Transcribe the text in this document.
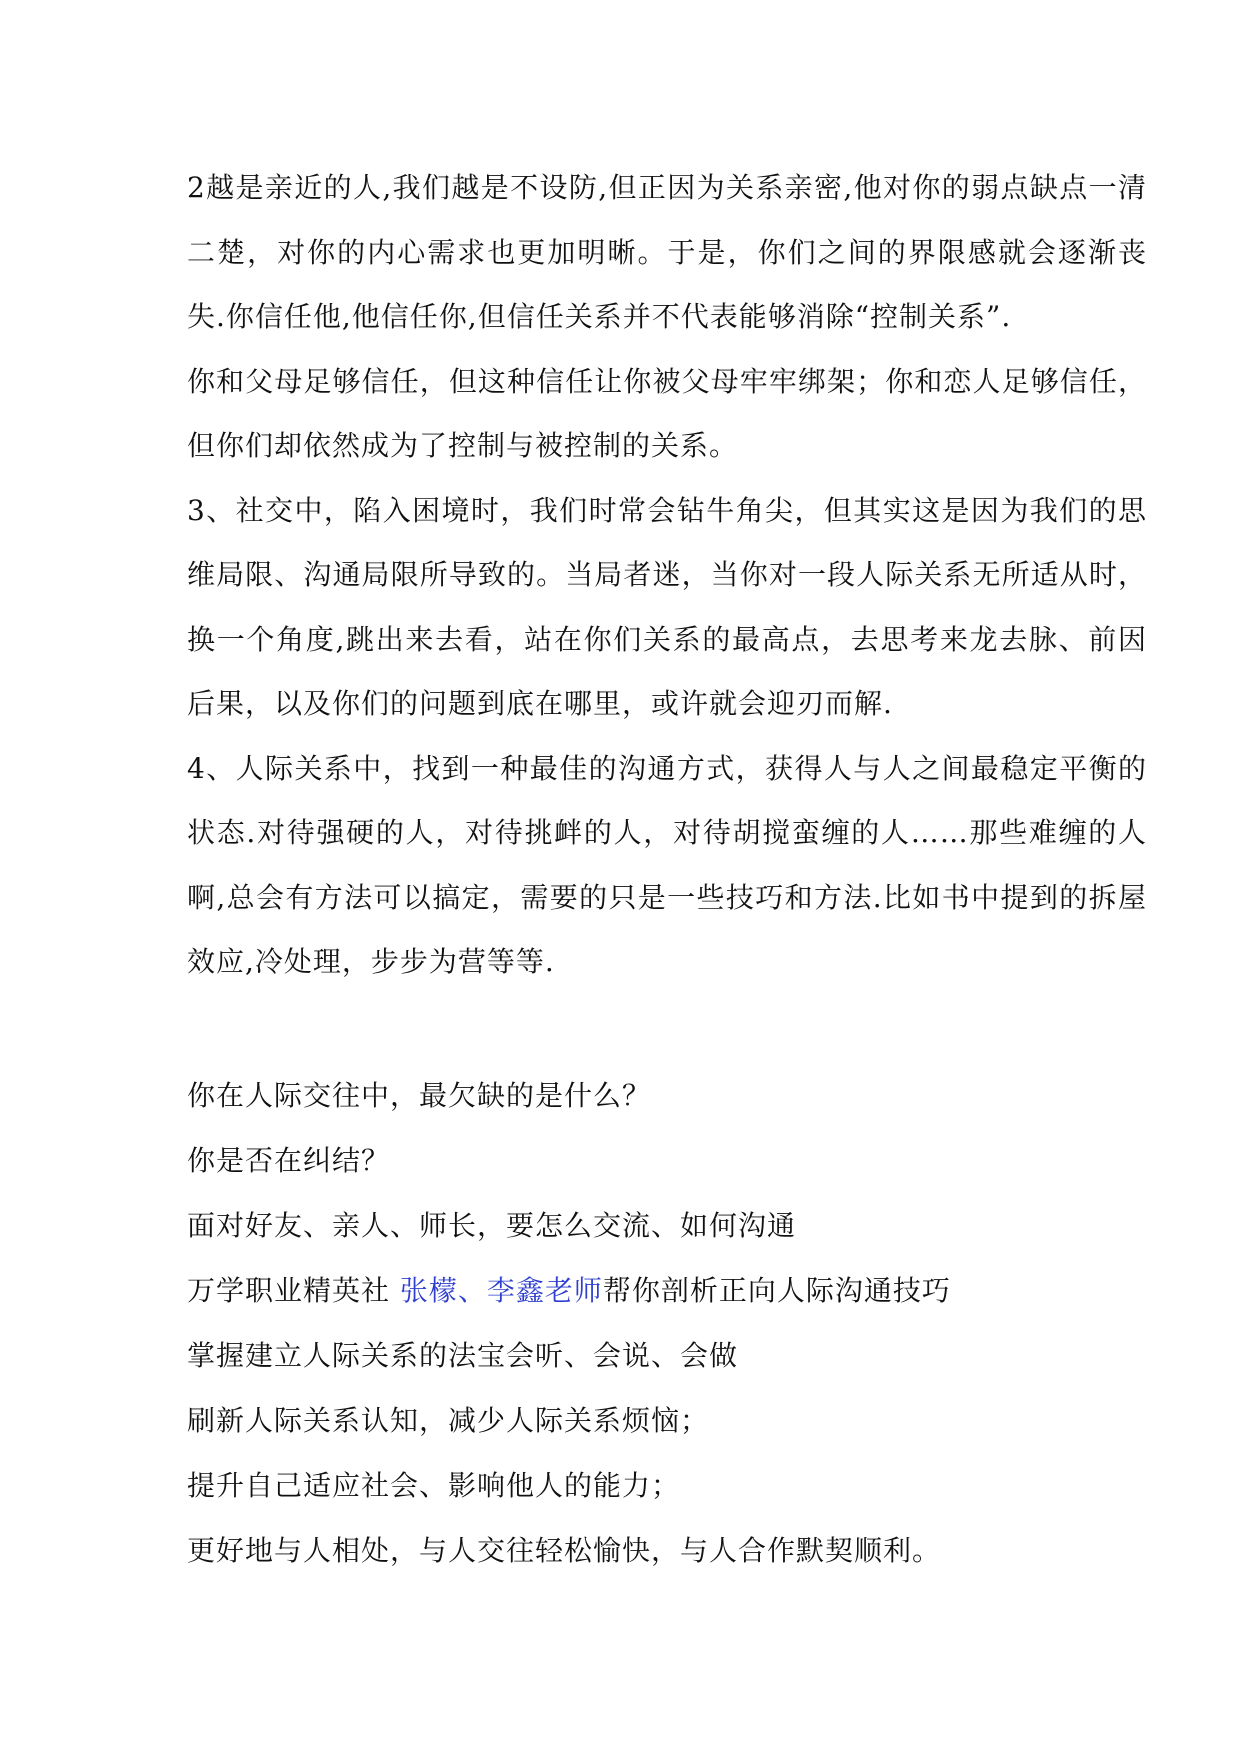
2越是亲近的人,我们越是不设防,但正因为关系亲密,他对你的弱点缺点一清二楚，对你的内心需求也更加明晰。于是，你们之间的界限感就会逐渐丧失.你信任他,他信任你,但信任关系并不代表能够消除“控制关系”.

你和父母足够信任，但这种信任让你被父母牢牢绑架；你和恋人足够信任，但你们却依然成为了控制与被控制的关系。

3、社交中，陷入困境时，我们时常会钻牛角尖，但其实这是因为我们的思维局限、沟通局限所导致的。当局者迷，当你对一段人际关系无所适从时，换一个角度,跳出来去看，站在你们关系的最高点，去思考来龙去脉、前因后果，以及你们的问题到底在哪里，或许就会迎刃而解.

4、人际关系中，找到一种最佳的沟通方式，获得人与人之间最稳定平衡的状态.对待强硬的人，对待挑衅的人，对待胡搅蛮缠的人……那些难缠的人啊,总会有方法可以搞定，需要的只是一些技巧和方法.比如书中提到的拆屋效应,冷处理，步步为营等等.

你在人际交往中，最欠缺的是什么？

你是否在纠结？

面对好友、亲人、师长，要怎么交流、如何沟通

万学职业精英社 张檬、李鑫老师帮你剖析正向人际沟通技巧

掌握建立人际关系的法宝会听、会说、会做

刷新人际关系认知，减少人际关系烦恼；

提升自己适应社会、影响他人的能力；

更好地与人相处，与人交往轻松愉快，与人合作默契顺利。
